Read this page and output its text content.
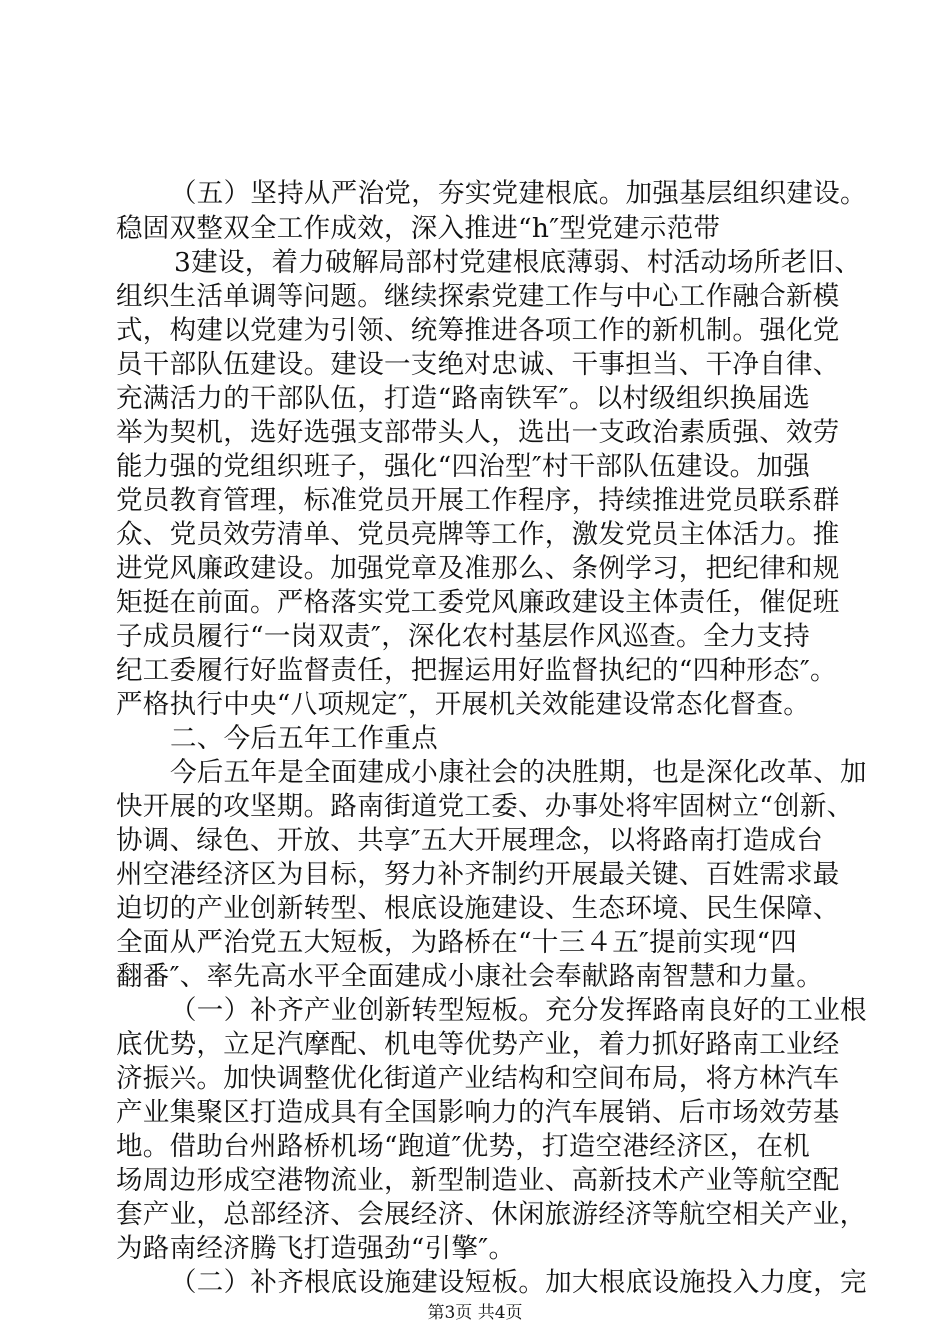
（五）坚持从严治党，夯实党建根底。加强基层组织建设。
稳固双整双全工作成效，深入推进“h″型党建示范带
3建设，着力破解局部村党建根底薄弱、村活动场所老旧、
组织生活单调等问题。继续探索党建工作与中心工作融合新模
式，构建以党建为引领、统筹推进各项工作的新机制。强化党
员干部队伍建设。建设一支绝对忠诚、干事担当、干净自律、
充满活力的干部队伍，打造“路南铁军″。以村级组织换届选
举为契机，选好选强支部带头人，选出一支政治素质强、效劳
能力强的党组织班子，强化“四治型″村干部队伍建设。加强
党员教育管理，标准党员开展工作程序，持续推进党员联系群
众、党员效劳清单、党员亮牌等工作，激发党员主体活力。推
进党风廉政建设。加强党章及准那么、条例学习，把纪律和规
矩挺在前面。严格落实党工委党风廉政建设主体责任，催促班
子成员履行“一岗双责″，深化农村基层作风巡查。全力支持
纪工委履行好监督责任，把握运用好监督执纪的“四种形态″。
严格执行中央“八项规定″，开展机关效能建设常态化督查。
二、今后五年工作重点
今后五年是全面建成小康社会的决胜期，也是深化改革、加
快开展的攻坚期。路南街道党工委、办事处将牢固树立“创新、
协调、绿色、开放、共享″五大开展理念，以将路南打造成台
州空港经济区为目标，努力补齐制约开展最关键、百姓需求最
迫切的产业创新转型、根底设施建设、生态环境、民生保障、
全面从严治党五大短板，为路桥在“十三４五″提前实现“四
翻番″、率先高水平全面建成小康社会奉献路南智慧和力量。
（一）补齐产业创新转型短板。充分发挥路南良好的工业根
底优势，立足汽摩配、机电等优势产业，着力抓好路南工业经
济振兴。加快调整优化街道产业结构和空间布局，将方林汽车
产业集聚区打造成具有全国影响力的汽车展销、后市场效劳基
地。借助台州路桥机场“跑道″优势，打造空港经济区，在机
场周边形成空港物流业，新型制造业、高新技术产业等航空配
套产业，总部经济、会展经济、休闲旅游经济等航空相关产业，
为路南经济腾飞打造强劲“引擎″。
（二）补齐根底设施建设短板。加大根底设施投入力度，完
第3页 共4页
